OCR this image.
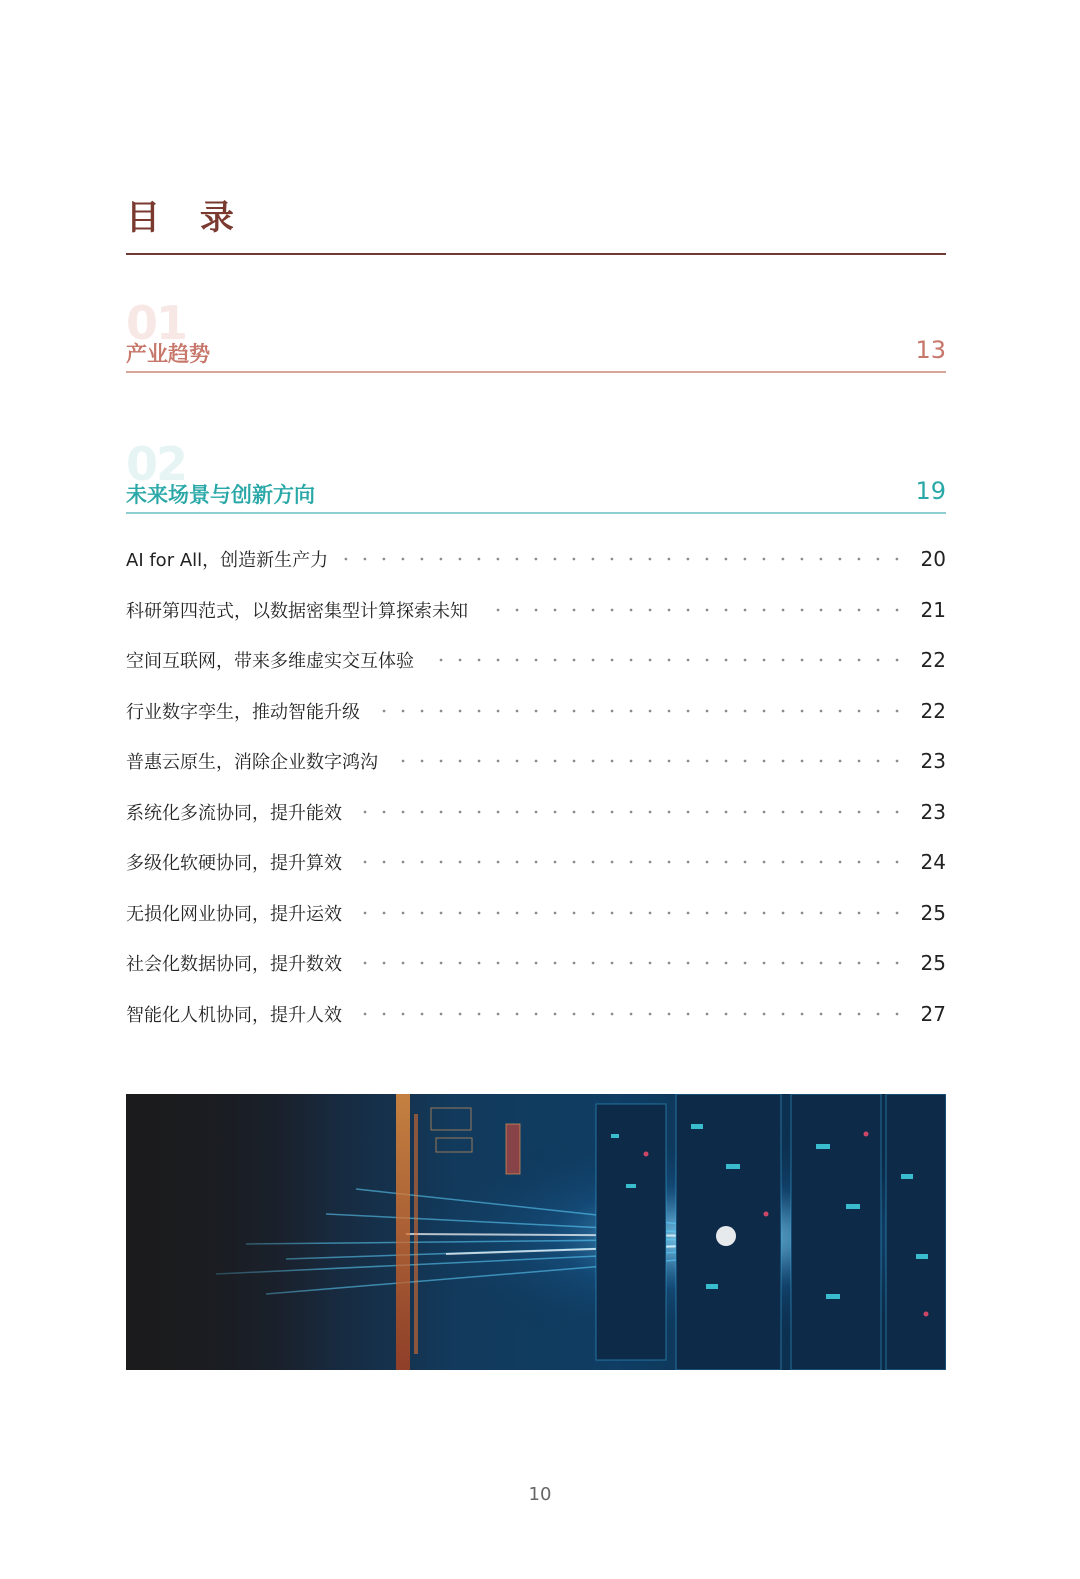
目 录
01
产业趋势	13
02
未来场景与创新方向	19
AI for All，创造新生产力	20
科研第四范式，以数据密集型计算探索未知	21
空间互联网，带来多维虚实交互体验	22
行业数字孪生，推动智能升级	22
普惠云原生，消除企业数字鸿沟	23
系统化多流协同，提升能效	23
多级化软硬协同，提升算效	24
无损化网业协同，提升运效	25
社会化数据协同，提升数效	25
智能化人机协同，提升人效	27
10
